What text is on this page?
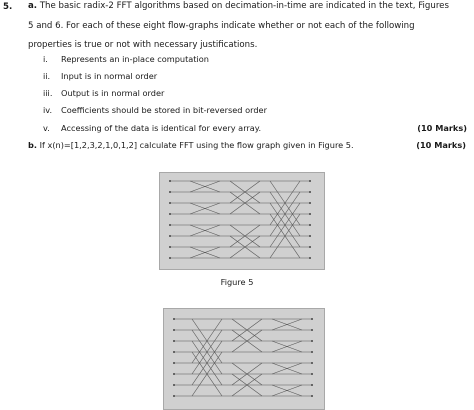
5. a. The basic radix-2 FFT algorithms based on decimation-in-time are indicated in the text, Figures
5 and 6. For each of these eight flow-graphs indicate whether or not each of the following
properties is true or not with necessary justifications.
i.	Represents an in-place computation
ii.	Input is in normal order
iii.	Output is in normal order
iv.	Coefficients should be stored in bit-reversed order
v.	Accessing of the data is identical for every array.	(10 Marks)
b. If x(n)=[1,2,3,2,1,0,1,2] calculate FFT using the flow graph given in Figure 5.	(10 Marks)
Figure 5
